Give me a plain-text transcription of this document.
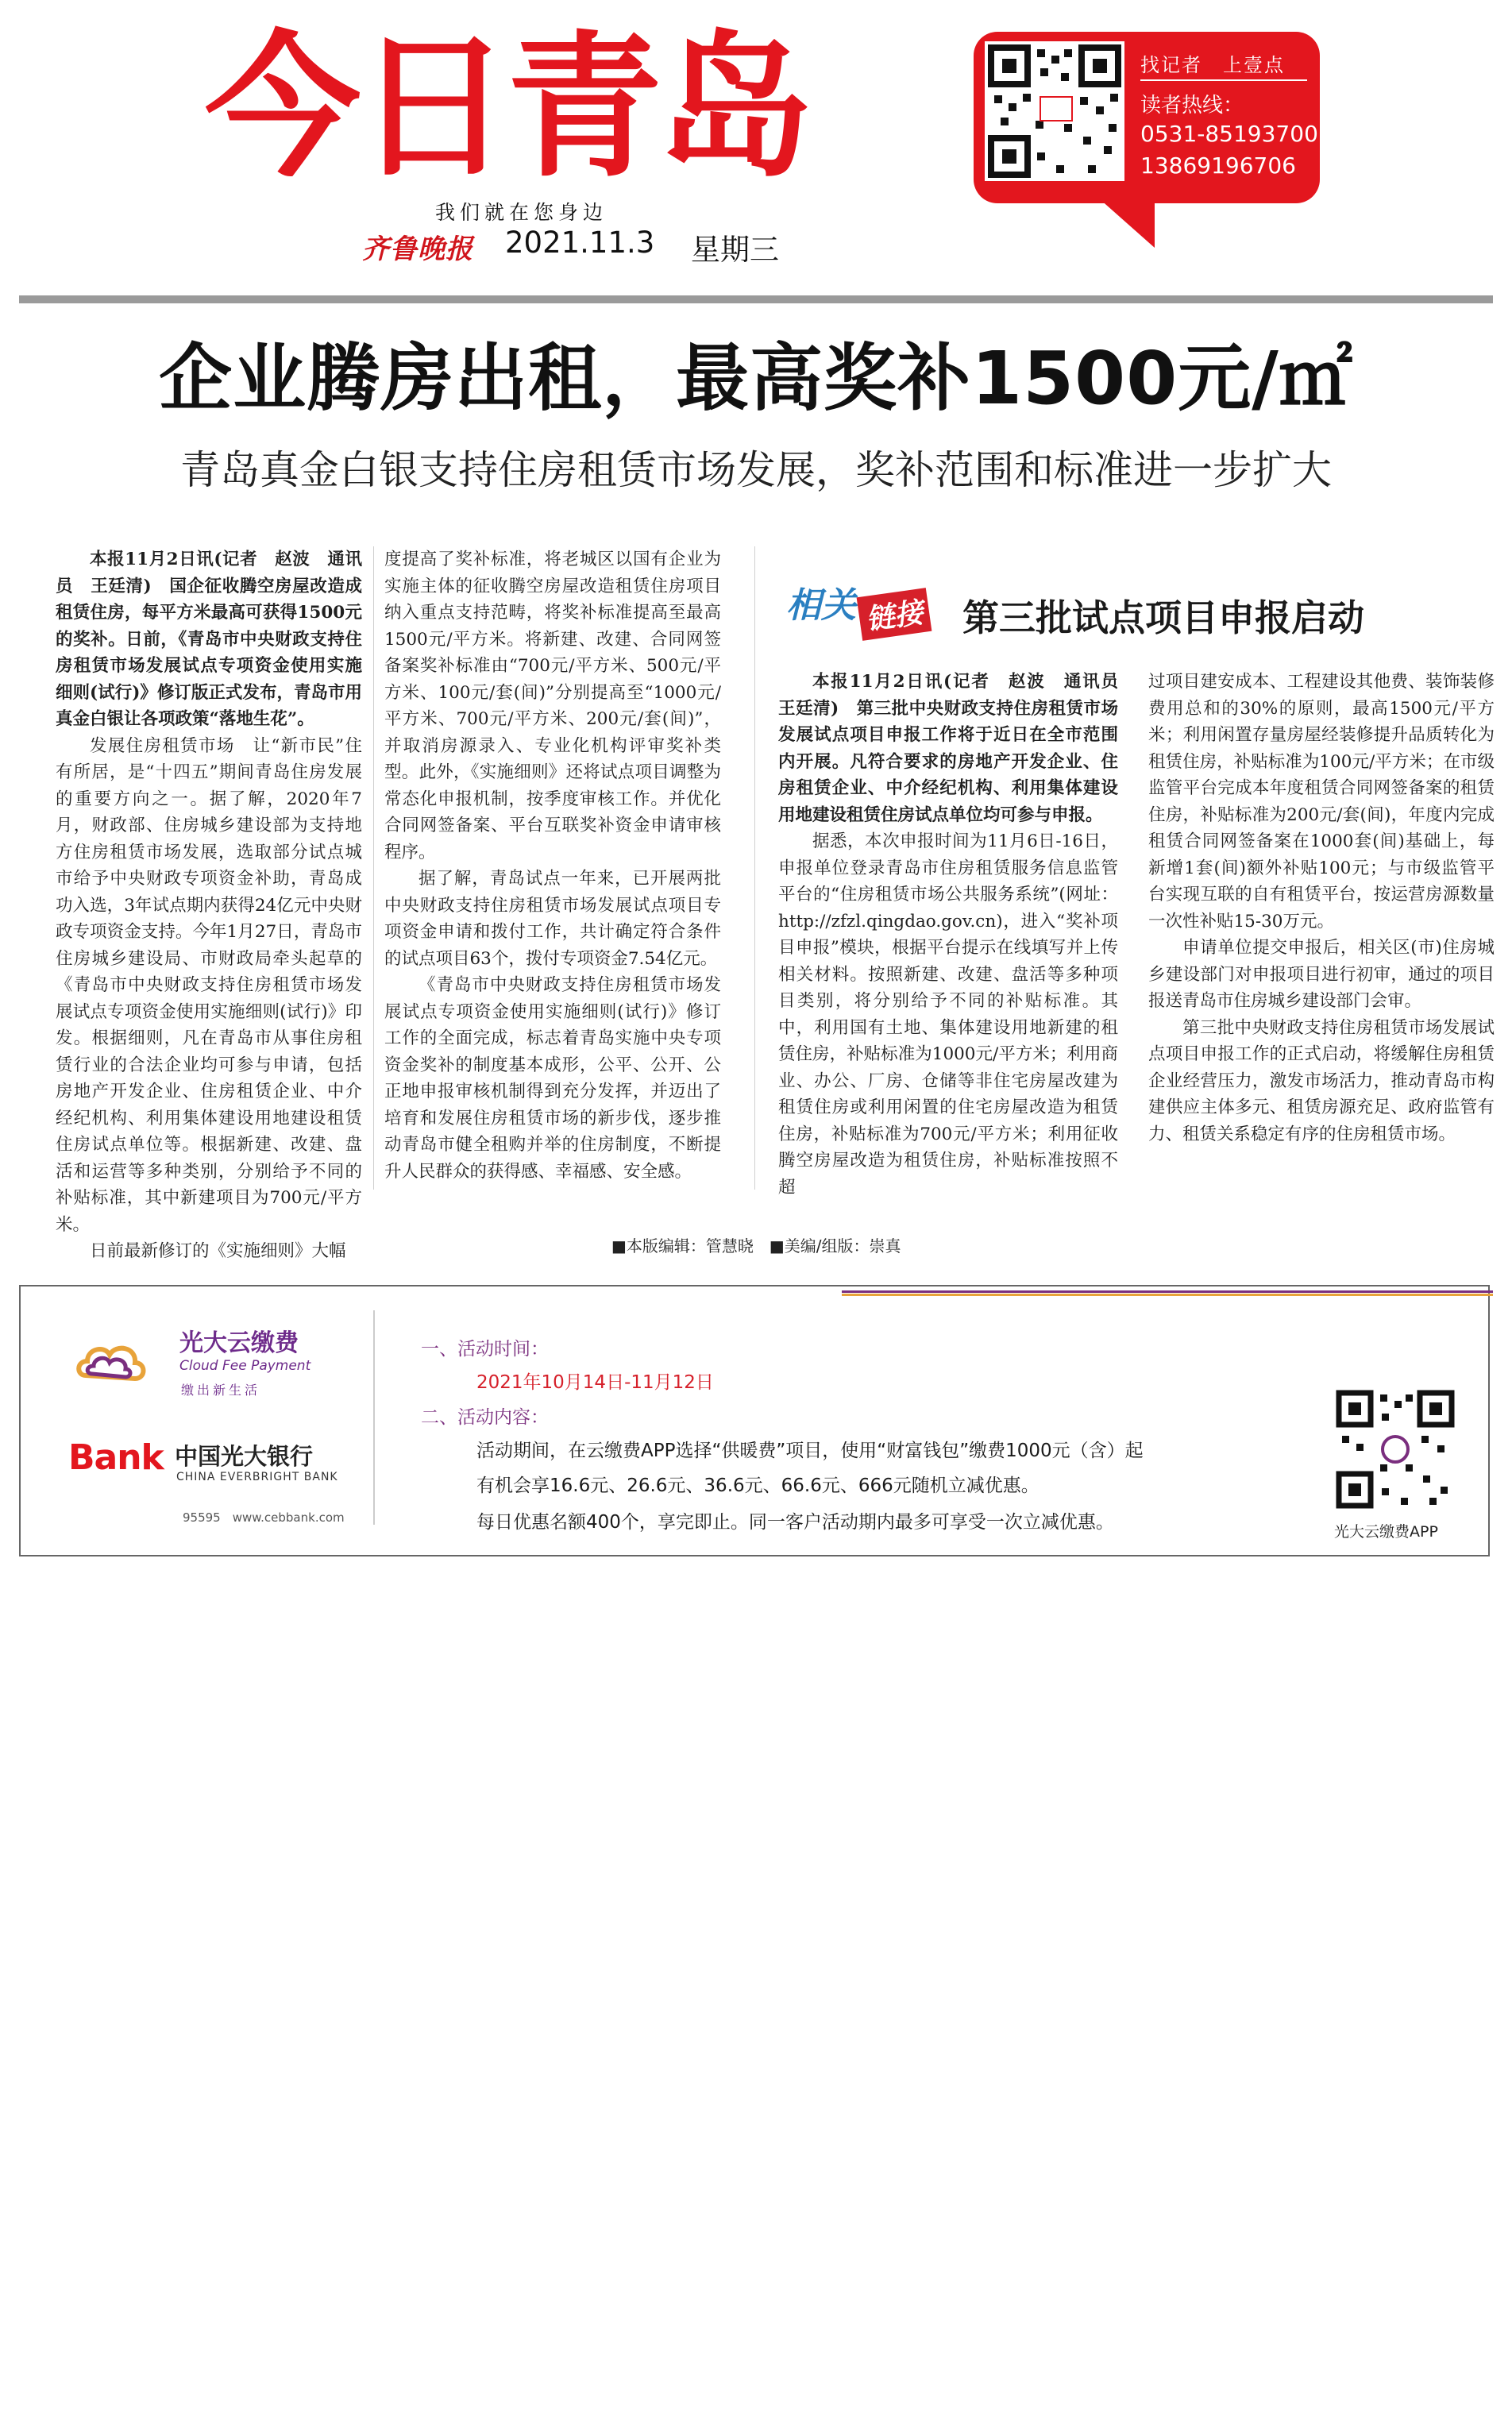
今日青岛
我们就在您身边
齐鲁晚报 2021.11.3 星期三
找记者　上壹点
读者热线：
0531-85193700
13869196706
企业腾房出租，最高奖补1500元/㎡
青岛真金白银支持住房租赁市场发展，奖补范围和标准进一步扩大

本报11月2日讯(记者　赵波　通讯员　王廷清)　国企征收腾空房屋改造成租赁住房，每平方米最高可获得1500元的奖补。日前，《青岛市中央财政支持住房租赁市场发展试点专项资金使用实施细则(试行)》修订版正式发布，青岛市用真金白银让各项政策“落地生花”。

发展住房租赁市场　让“新市民”住有所居，是“十四五”期间青岛住房发展的重要方向之一。据了解，2020年7月，财政部、住房城乡建设部为支持地方住房租赁市场发展，选取部分试点城市给予中央财政专项资金补助，青岛成功入选，3年试点期内获得24亿元中央财政专项资金支持。今年1月27日，青岛市住房城乡建设局、市财政局牵头起草的《青岛市中央财政支持住房租赁市场发展试点专项资金使用实施细则(试行)》印发。根据细则，凡在青岛市从事住房租赁行业的合法企业均可参与申请，包括房地产开发企业、住房租赁企业、中介经纪机构、利用集体建设用地建设租赁住房试点单位等。根据新建、改建、盘活和运营等多种类别，分别给予不同的补贴标准，其中新建项目为700元/平方米。

日前最新修订的《实施细则》大幅

度提高了奖补标准，将老城区以国有企业为实施主体的征收腾空房屋改造租赁住房项目纳入重点支持范畴，将奖补标准提高至最高1500元/平方米。将新建、改建、合同网签备案奖补标准由“700元/平方米、500元/平方米、100元/套(间)”分别提高至“1000元/平方米、700元/平方米、200元/套(间)”，并取消房源录入、专业化机构评审奖补类型。此外，《实施细则》还将试点项目调整为常态化申报机制，按季度审核工作。并优化合同网签备案、平台互联奖补资金申请审核程序。

据了解，青岛试点一年来，已开展两批中央财政支持住房租赁市场发展试点项目专项资金申请和拨付工作，共计确定符合条件的试点项目63个，拨付专项资金7.54亿元。

《青岛市中央财政支持住房租赁市场发展试点专项资金使用实施细则(试行)》修订工作的全面完成，标志着青岛实施中央专项资金奖补的制度基本成形，公平、公开、公正地申报审核机制得到充分发挥，并迈出了培育和发展住房租赁市场的新步伐，逐步推动青岛市健全租购并举的住房制度，不断提升人民群众的获得感、幸福感、安全感。

相关 链接 第三批试点项目申报启动

本报11月2日讯(记者　赵波　通讯员　王廷清)　第三批中央财政支持住房租赁市场发展试点项目申报工作将于近日在全市范围内开展。凡符合要求的房地产开发企业、住房租赁企业、中介经纪机构、利用集体建设用地建设租赁住房试点单位均可参与申报。

据悉，本次申报时间为11月6日-16日，申报单位登录青岛市住房租赁服务信息监管平台的“住房租赁市场公共服务系统”(网址：http://zfzl.qingdao.gov.cn)，进入“奖补项目申报”模块，根据平台提示在线填写并上传相关材料。按照新建、改建、盘活等多种项目类别，将分别给予不同的补贴标准。其中，利用国有土地、集体建设用地新建的租赁住房，补贴标准为1000元/平方米；利用商业、办公、厂房、仓储等非住宅房屋改建为租赁住房或利用闲置的住宅房屋改造为租赁住房，补贴标准为700元/平方米；利用征收腾空房屋改造为租赁住房，补贴标准按照不超

过项目建安成本、工程建设其他费、装饰装修费用总和的30%的原则，最高1500元/平方米；利用闲置存量房屋经装修提升品质转化为租赁住房，补贴标准为100元/平方米；在市级监管平台完成本年度租赁合同网签备案的租赁住房，补贴标准为200元/套(间)，年度内完成租赁合同网签备案在1000套(间)基础上，每新增1套(间)额外补贴100元；与市级监管平台实现互联的自有租赁平台，按运营房源数量一次性补贴15-30万元。

申请单位提交申报后，相关区(市)住房城乡建设部门对申报项目进行初审，通过的项目报送青岛市住房城乡建设部门会审。

第三批中央财政支持住房租赁市场发展试点项目申报工作的正式启动，将缓解住房租赁企业经营压力，激发市场活力，推动青岛市构建供应主体多元、租赁房源充足、政府监管有力、租赁关系稳定有序的住房租赁市场。

■本版编辑：管慧晓　■美编/组版：崇真
光大云缴费
Cloud Fee Payment
缴出新生活
Bank 中国光大银行
CHINA EVERBRIGHT BANK
95595　www.cebbank.com
一、活动时间：
2021年10月14日-11月12日
二、活动内容：
活动期间，在云缴费APP选择“供暖费”项目，使用“财富钱包”缴费1000元（含）起
有机会享16.6元、26.6元、36.6元、66.6元、666元随机立减优惠。
每日优惠名额400个，享完即止。同一客户活动期内最多可享受一次立减优惠。	光大云缴费APP
